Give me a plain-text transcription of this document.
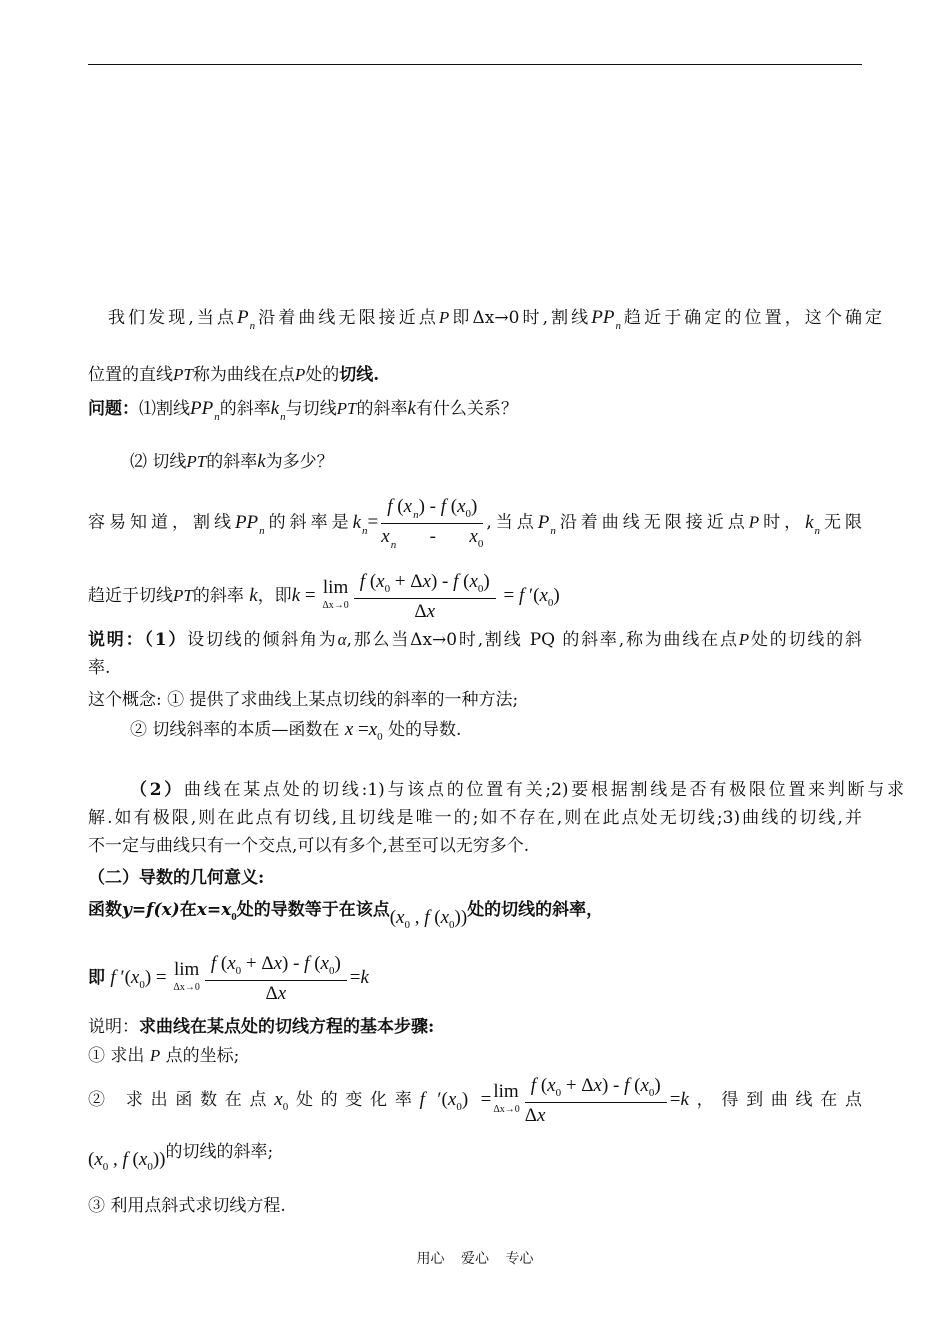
我们发现,当点$P_n$沿着曲线无限接近点P即Δx→0时,割线$PP_n$趋近于确定的位置，这个确定
位置的直线PT称为曲线在点P处的切线.
问题：⑴割线$PP_n$的斜率$k_n$与切线PT的斜率k有什么关系？
⑵ 切线PT的斜率k为多少？
容易知道，割线$PP_n$的斜率是$k_n= \frac{f (x_n) - f (x_0)}{x_n - x_0}$ ,当点$P_n$沿着曲线无限接近点P时，$k_n$无限
趋近于切线PT的斜率 k，即k = lim
$\Delta x\to 0 \frac{f (x_0 + \Delta x) - f (x_0)}{\Delta x} = f$ $'(x_0)$
说明：（1）设切线的倾斜角为α,那么当Δx→0时,割线 PQ 的斜率,称为曲线在点P处的切线的斜
率.
这个概念: ① 提供了求曲线上某点切线的斜率的一种方法;
② 切线斜率的本质—函数在 $x =x_0$ 处的导数.
（2）曲线在某点处的切线:1)与该点的位置有关;2)要根据割线是否有极限位置来判断与求
解.如有极限,则在此点有切线,且切线是唯一的;如不存在,则在此点处无切线;3)曲线的切线,并
不一定与曲线只有一个交点,可以有多个,甚至可以无穷多个.
（二）导数的几何意义:
函数y=f(x)在$x=x_0$处的导数等于在该点($x_0$ , f $(x_0)$)处的切线的斜率，
即 f $'(x_0) = \lim$
$\Delta x\to 0 \frac{f (x_0 + \Delta x) - f (x_0)}{\Delta x} =k$
说明：求曲线在某点处的切线方程的基本步骤:
① 求出 P 点的坐标;
② 求出函数在点$x_0$处的变化率f $'(x_0) = \lim$
$\Delta x\to 0 \frac{f (x_0 + \Delta x) - f (x_0)}{\Delta x} =k$，得到曲线在点
($x_0$ , f $(x_0)$)的切线的斜率;
③ 利用点斜式求切线方程.
用心 爱心 专心
